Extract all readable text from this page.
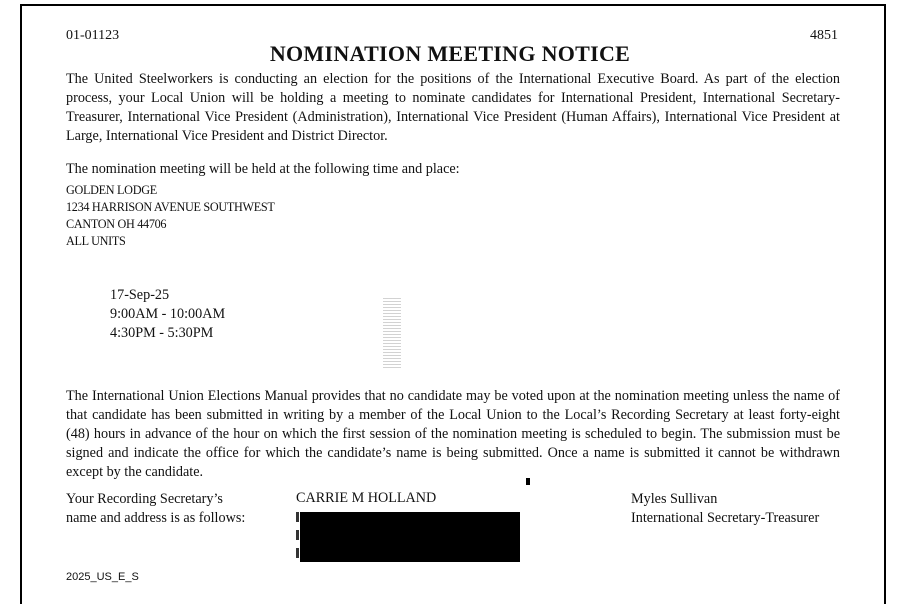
01-01123	4851
NOMINATION MEETING NOTICE
The United Steelworkers is conducting an election for the positions of the International Executive Board. As part of the election process, your Local Union will be holding a meeting to nominate candidates for International President, International Secretary-Treasurer, International Vice President (Administration), International Vice President (Human Affairs), International Vice President at Large, International Vice President and District Director.
The nomination meeting will be held at the following time and place:
GOLDEN LODGE
1234 HARRISON AVENUE SOUTHWEST
CANTON OH 44706
ALL UNITS
17-Sep-25
9:00AM - 10:00AM
4:30PM - 5:30PM
The International Union Elections Manual provides that no candidate may be voted upon at the nomination meeting unless the name of that candidate has been submitted in writing by a member of the Local Union to the Local’s Recording Secretary at least forty-eight (48) hours in advance of the hour on which the first session of the nomination meeting is scheduled to begin. The submission must be signed and indicate the office for which the candidate’s name is being submitted. Once a name is submitted it cannot be withdrawn except by the candidate.
Your Recording Secretary’s
name and address is as follows:
CARRIE M HOLLAND	Myles Sullivan
International Secretary-Treasurer
2025_US_E_S
